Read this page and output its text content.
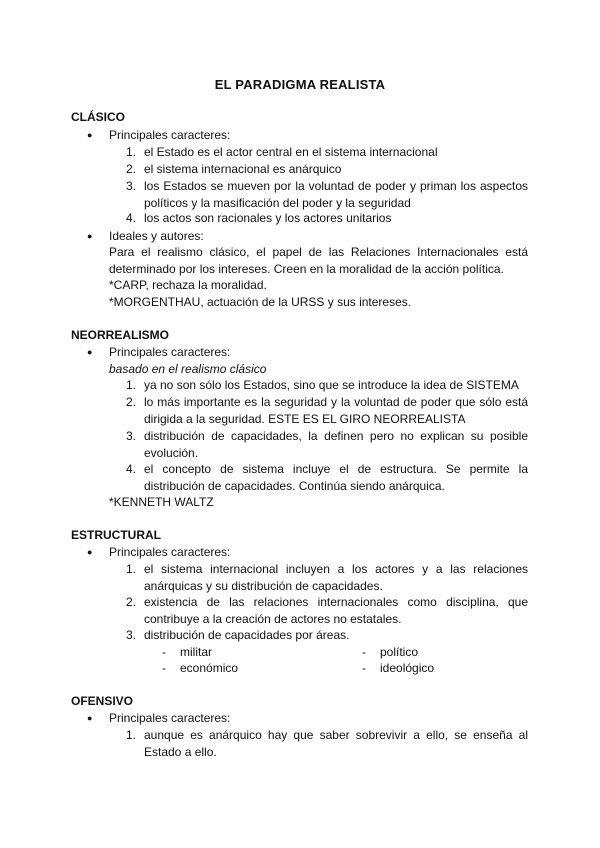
EL PARADIGMA REALISTA
CLÁSICO
●	Principales caracteres:
1. el Estado es el actor central en el sistema internacional
2. el sistema internacional es anárquico
3. los Estados se mueven por la voluntad de poder y priman los aspectos políticos y la masificación del poder y la seguridad
4. los actos son racionales y los actores unitarios
●	Ideales y autores:
Para el realismo clásico, el papel de las Relaciones Internacionales está determinado por los intereses. Creen en la moralidad de la acción política.
*CARP, rechaza la moralidad.
*MORGENTHAU, actuación de la URSS y sus intereses.
NEORREALISMO
●	Principales caracteres:
basado en el realismo clásico
1. ya no son sólo los Estados, sino que se introduce la idea de SISTEMA
2. lo más importante es la seguridad y la voluntad de poder que sólo está dirigida a la seguridad. ESTE ES EL GIRO NEORREALISTA
3. distribución de capacidades, la definen pero no explican su posible evolución.
4. el concepto de sistema incluye el de estructura. Se permite la distribución de capacidades. Continúa siendo anárquica.
*KENNETH WALTZ
ESTRUCTURAL
●	Principales caracteres:
1. el sistema internacional incluyen a los actores y a las relaciones anárquicas y su distribución de capacidades.
2. existencia de las relaciones internacionales como disciplina, que contribuye a la creación de actores no estatales.
3. distribución de capacidades por áreas.
- militar	- político
- económico	- ideológico
OFENSIVO
●	Principales caracteres:
1. aunque es anárquico hay que saber sobrevivir a ello, se enseña al Estado a ello.
